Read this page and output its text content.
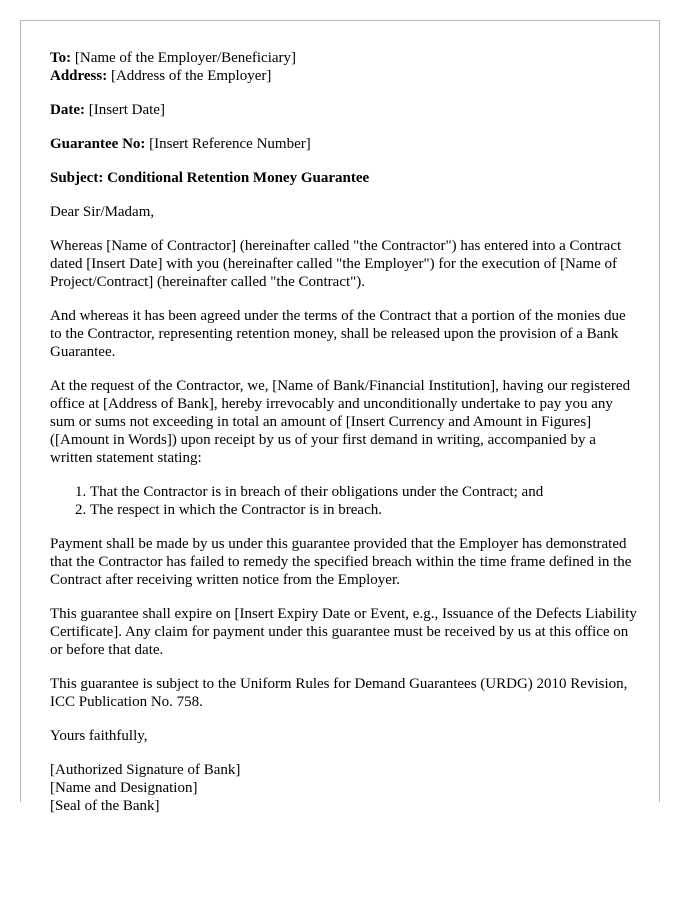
To: [Name of the Employer/Beneficiary]
Address: [Address of the Employer]

Date: [Insert Date]

Guarantee No: [Insert Reference Number]

Subject: Conditional Retention Money Guarantee

Dear Sir/Madam,

Whereas [Name of Contractor] (hereinafter called "the Contractor") has entered into a Contract dated [Insert Date] with you (hereinafter called "the Employer") for the execution of [Name of Project/Contract] (hereinafter called "the Contract").

And whereas it has been agreed under the terms of the Contract that a portion of the monies due to the Contractor, representing retention money, shall be released upon the provision of a Bank Guarantee.

At the request of the Contractor, we, [Name of Bank/Financial Institution], having our registered office at [Address of Bank], hereby irrevocably and unconditionally undertake to pay you any sum or sums not exceeding in total an amount of [Insert Currency and Amount in Figures] ([Amount in Words]) upon receipt by us of your first demand in writing, accompanied by a written statement stating:

1. That the Contractor is in breach of their obligations under the Contract; and
2. The respect in which the Contractor is in breach.

Payment shall be made by us under this guarantee provided that the Employer has demonstrated that the Contractor has failed to remedy the specified breach within the time frame defined in the Contract after receiving written notice from the Employer.

This guarantee shall expire on [Insert Expiry Date or Event, e.g., Issuance of the Defects Liability Certificate]. Any claim for payment under this guarantee must be received by us at this office on or before that date.

This guarantee is subject to the Uniform Rules for Demand Guarantees (URDG) 2010 Revision, ICC Publication No. 758.

Yours faithfully,

[Authorized Signature of Bank]
[Name and Designation]
[Seal of the Bank]
